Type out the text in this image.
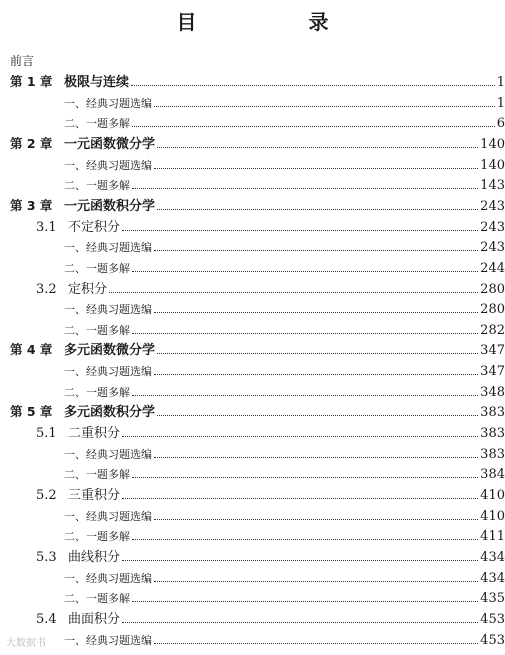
目　录
前言
第 1 章 极限与连续	1
一、经典习题选编	1
二、一题多解	6
第 2 章 一元函数微分学	140
一、经典习题选编	140
二、一题多解	143
第 3 章 一元函数积分学	243
3.1 不定积分	243
一、经典习题选编	243
二、一题多解	244
3.2 定积分	280
一、经典习题选编	280
二、一题多解	282
第 4 章 多元函数微分学	347
一、经典习题选编	347
二、一题多解	348
第 5 章 多元函数积分学	383
5.1 二重积分	383
一、经典习题选编	383
二、一题多解	384
5.2 三重积分	410
一、经典习题选编	410
二、一题多解	411
5.3 曲线积分	434
一、经典习题选编	434
二、一题多解	435
5.4 曲面积分	453
一、经典习题选编	453
大数据书
